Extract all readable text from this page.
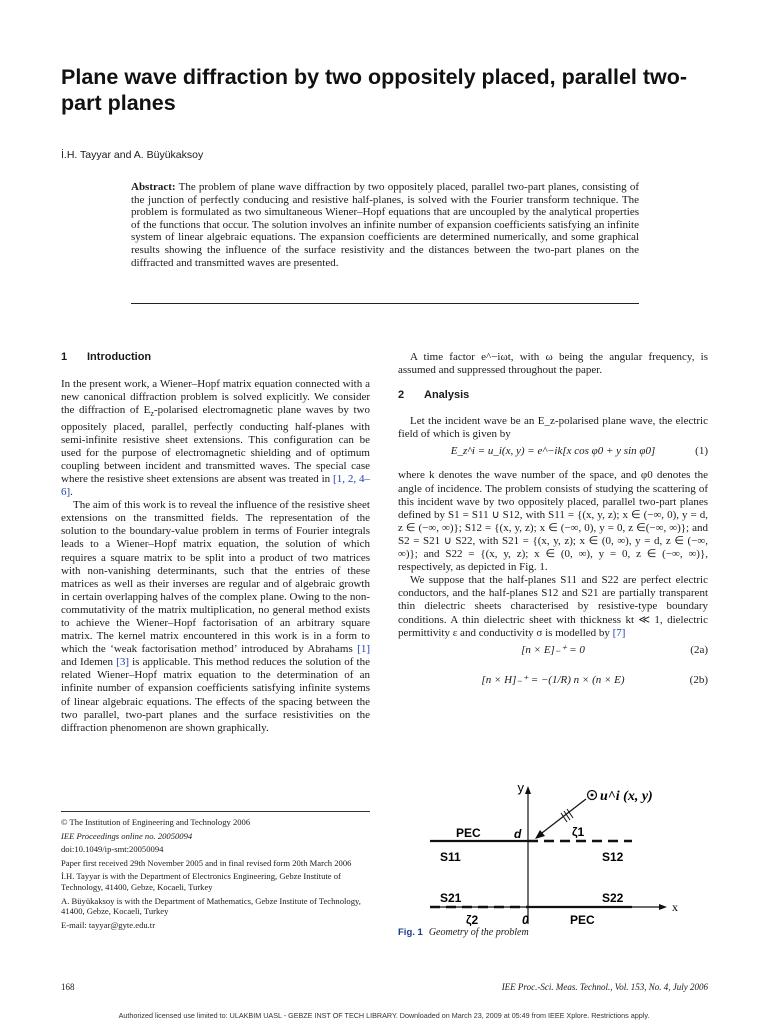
Plane wave diffraction by two oppositely placed, parallel two-part planes
İ.H. Tayyar and A. Büyükaksoy

Abstract: The problem of plane wave diffraction by two oppositely placed, parallel two-part planes, consisting of the junction of perfectly conducing and resistive half-planes, is solved with the Fourier transform technique. The problem is formulated as two simultaneous Wiener–Hopf equations that are uncoupled by the analytical properties of the functions that occur. The solution involves an infinite number of expansion coefficients satisfying an infinite system of linear algebraic equations. The expansion coefficients are determined numerically, and some graphical results showing the influence of the surface resistivity and the distances between the two-part planes on the diffracted and transmitted waves are presented.

1 Introduction

In the present work, a Wiener–Hopf matrix equation connected with a new canonical diffraction problem is solved explicitly. We consider the diffraction of $E_z$-polarised electromagnetic plane waves by two oppositely placed, parallel, perfectly conducting half-planes with semi-infinite resistive sheet extensions. This configuration can be used for the purpose of electromagnetic shielding and of optimum coupling between incident and transmitted waves. The special case where the resistive sheet extensions are absent was treated in [1, 2, 4–6].

The aim of this work is to reveal the influence of the resistive sheet extensions on the transmitted fields. The representation of the solution to the boundary-value problem in terms of Fourier integrals leads to a Wiener–Hopf matrix equation, the solution of which requires a square matrix to be split into a product of two matrices with non-vanishing determinants, such that the entries of these matrices as well as their inverses are regular and of algebraic growth in certain overlapping halves of the complex plane. Owing to the non-commutativity of the matrix multiplication, no general method exists to achieve the Wiener–Hopf factorisation of an arbitrary square matrix. The kernel matrix encountered in this work is in a form to which the ‘weak factorisation method’ introduced by Abrahams [1] and Idemen [3] is applicable. This method reduces the solution of the related Wiener–Hopf matrix equation to the determination of an infinite number of expansion coefficients satisfying infinite systems of linear algebraic equations. The effects of the spacing between the two parallel, two-part planes and the surface resistivities on the diffraction phenomenon are shown graphically.

© The Institution of Engineering and Technology 2006

IEE Proceedings online no. 20050094

doi:10.1049/ip-smt:20050094

Paper first received 29th November 2005 and in final revised form 20th March 2006

İ.H. Tayyar is with the Department of Electronics Engineering, Gebze Institute of Technology, 41400, Gebze, Kocaeli, Turkey

A. Büyükaksoy is with the Department of Mathematics, Gebze Institute of Technology, 41400, Gebze, Kocaeli, Turkey

E-mail: tayyar@gyte.edu.tr

A time factor e^−iωt, with ω being the angular frequency, is assumed and suppressed throughout the paper.

2 Analysis

Let the incident wave be an E_z-polarised plane wave, the electric field of which is given by

E_z^i = u_i(x, y) = e^−ik[x cos φ0 + y sin φ0]	(1)

where k denotes the wave number of the space, and φ0 denotes the angle of incidence. The problem consists of studying the scattering of this incident wave by two oppositely placed, parallel two-part planes defined by S1 = S11 ∪ S12, with S11 = {(x, y, z); x ∈ (−∞, 0), y = d, z ∈ (−∞, ∞)}; S12 = {(x, y, z); x ∈ (−∞, 0), y = 0, z ∈(−∞, ∞)}; and S2 = S21 ∪ S22, with S21 = {(x, y, z); x ∈ (0, ∞), y = d, z ∈ (−∞, ∞)}; and S22 = {(x, y, z); x ∈ (0, ∞), y = 0, z ∈ (−∞, ∞)}, respectively, as depicted in Fig. 1.

We suppose that the half-planes S11 and S22 are perfect electric conductors, and the half-planes S12 and S21 are partially transparent thin dielectric sheets characterised by resistive-type boundary conditions. A thin dielectric sheet with thickness kt ≪ 1, dielectric permittivity ε and conductivity σ is modelled by [7]

[n × E]₋⁺ = 0	(2a)
[n × H]₋⁺ = −(1/R) n × (n × E)	(2b)
y
x
u^i (x, y)
PEC	d	ζ1
S11	S12
S21	S22
ζ2	0	PEC
Fig. 1 Geometry of the problem
168	IEE Proc.-Sci. Meas. Technol., Vol. 153, No. 4, July 2006
Authorized licensed use limited to: ULAKBIM UASL - GEBZE INST OF TECH LIBRARY. Downloaded on March 23, 2009 at 05:49 from IEEE Xplore. Restrictions apply.
